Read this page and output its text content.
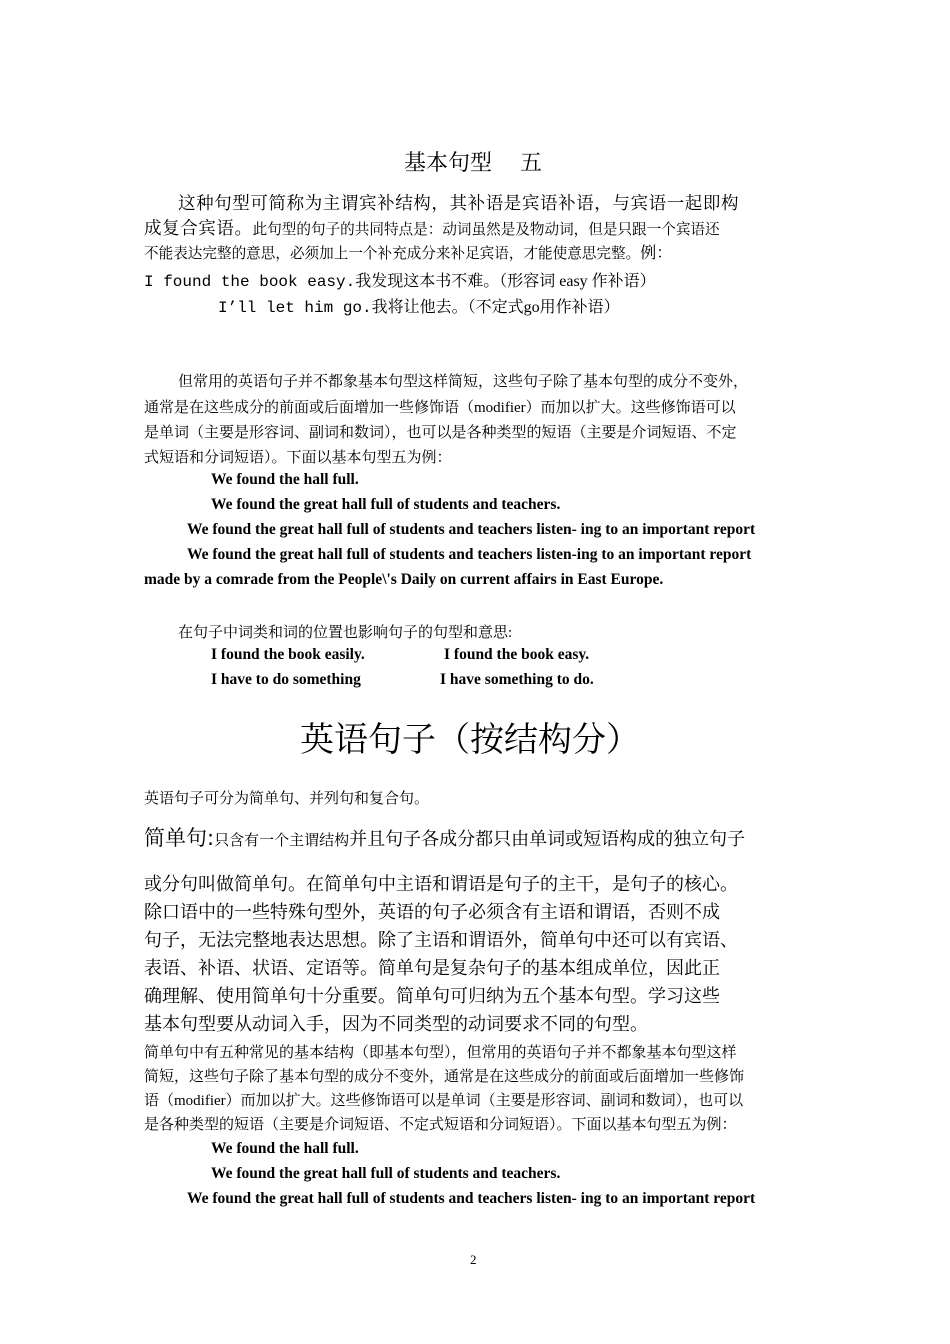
基本句型    五
这种句型可简称为主谓宾补结构，其补语是宾语补语，与宾语一起即构
成复合宾语。此句型的句子的共同特点是：动词虽然是及物动词，但是只跟一个宾语还
不能表达完整的意思，必须加上一个补充成分来补足宾语，才能使意思完整。例：
I found the book easy.我发现这本书不难。（形容词 easy 作补语）
I’ll let him go.我将让他去。（不定式go用作补语）
但常用的英语句子并不都象基本句型这样简短，这些句子除了基本句型的成分不变外，
通常是在这些成分的前面或后面增加一些修饰语（modifier）而加以扩大。这些修饰语可以
是单词（主要是形容词、副词和数词），也可以是各种类型的短语（主要是介词短语、不定
式短语和分词短语）。下面以基本句型五为例：
We found the hall full.
We found the great hall full of students and teachers.
We found the great hall full of students and teachers listen- ing to an important report
We found the great hall full of students and teachers listen-ing to an important report
made by a comrade from the People\'s Daily on current affairs in East Europe.
在句子中词类和词的位置也影响句子的句型和意思:
I found the book easily.	I found the book easy.
I have to do something	I have something to do.
英语句子（按结构分）
英语句子可分为简单句、并列句和复合句。
简单句:只含有一个主谓结构并且句子各成分都只由单词或短语构成的独立句子
或分句叫做简单句。在简单句中主语和谓语是句子的主干，是句子的核心。
除口语中的一些特殊句型外，英语的句子必须含有主语和谓语，否则不成
句子，无法完整地表达思想。除了主语和谓语外，简单句中还可以有宾语、
表语、补语、状语、定语等。简单句是复杂句子的基本组成单位，因此正
确理解、使用简单句十分重要。简单句可归纳为五个基本句型。学习这些
基本句型要从动词入手，因为不同类型的动词要求不同的句型。
简单句中有五种常见的基本结构（即基本句型），但常用的英语句子并不都象基本句型这样
简短，这些句子除了基本句型的成分不变外，通常是在这些成分的前面或后面增加一些修饰
语（modifier）而加以扩大。这些修饰语可以是单词（主要是形容词、副词和数词），也可以
是各种类型的短语（主要是介词短语、不定式短语和分词短语）。下面以基本句型五为例：
We found the hall full.
We found the great hall full of students and teachers.
We found the great hall full of students and teachers listen- ing to an important report
2
